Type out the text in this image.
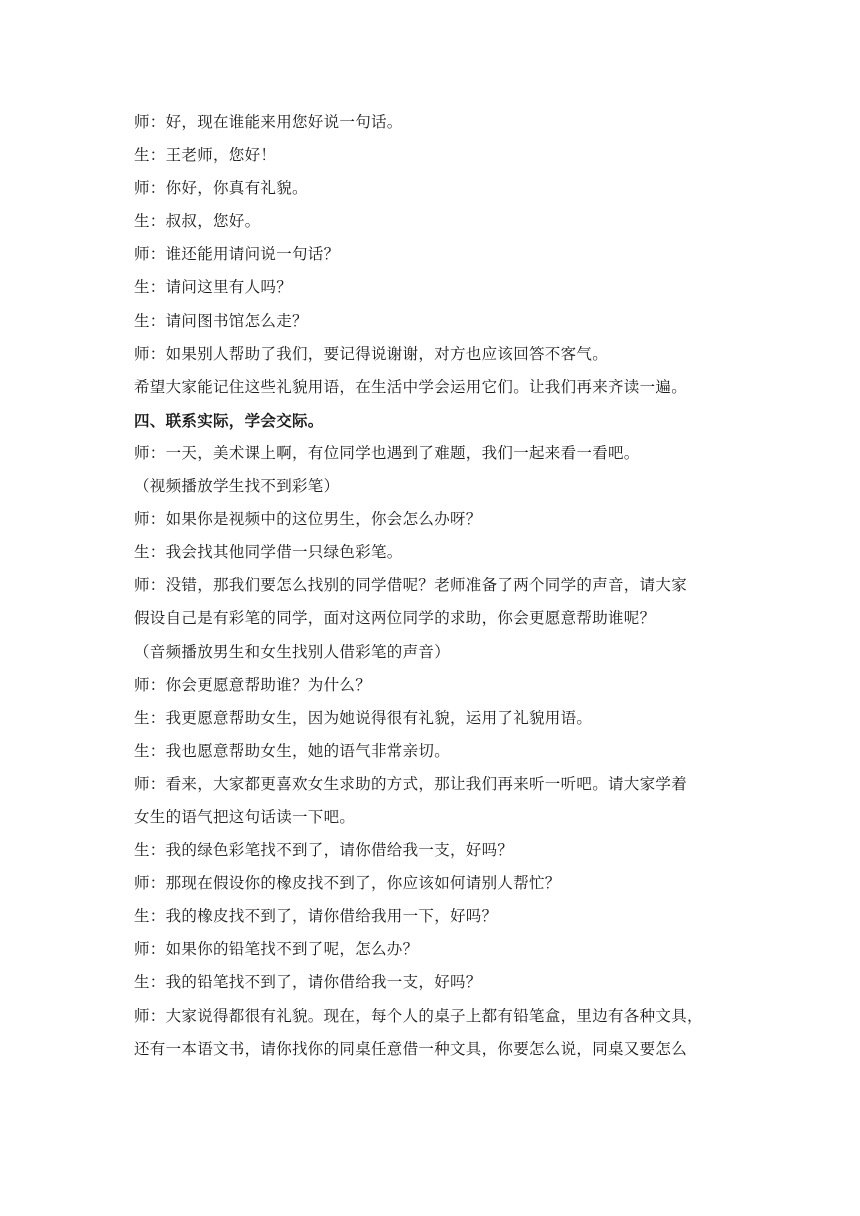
师：好，现在谁能来用您好说一句话。
生：王老师，您好！
师：你好，你真有礼貌。
生：叔叔，您好。
师：谁还能用请问说一句话？
生：请问这里有人吗？
生：请问图书馆怎么走？
师：如果别人帮助了我们，要记得说谢谢，对方也应该回答不客气。
希望大家能记住这些礼貌用语，在生活中学会运用它们。让我们再来齐读一遍。
四、联系实际，学会交际。
师：一天，美术课上啊，有位同学也遇到了难题，我们一起来看一看吧。
（视频播放学生找不到彩笔）
师：如果你是视频中的这位男生，你会怎么办呀？
生：我会找其他同学借一只绿色彩笔。
师：没错，那我们要怎么找别的同学借呢？老师准备了两个同学的声音，请大家
假设自己是有彩笔的同学，面对这两位同学的求助，你会更愿意帮助谁呢？
（音频播放男生和女生找别人借彩笔的声音）
师：你会更愿意帮助谁？为什么？
生：我更愿意帮助女生，因为她说得很有礼貌，运用了礼貌用语。
生：我也愿意帮助女生，她的语气非常亲切。
师：看来，大家都更喜欢女生求助的方式，那让我们再来听一听吧。请大家学着
女生的语气把这句话读一下吧。
生：我的绿色彩笔找不到了，请你借给我一支，好吗？
师：那现在假设你的橡皮找不到了，你应该如何请别人帮忙？
生：我的橡皮找不到了，请你借给我用一下，好吗？
师：如果你的铅笔找不到了呢，怎么办？
生：我的铅笔找不到了，请你借给我一支，好吗？
师：大家说得都很有礼貌。现在，每个人的桌子上都有铅笔盒，里边有各种文具，
还有一本语文书，请你找你的同桌任意借一种文具，你要怎么说，同桌又要怎么
